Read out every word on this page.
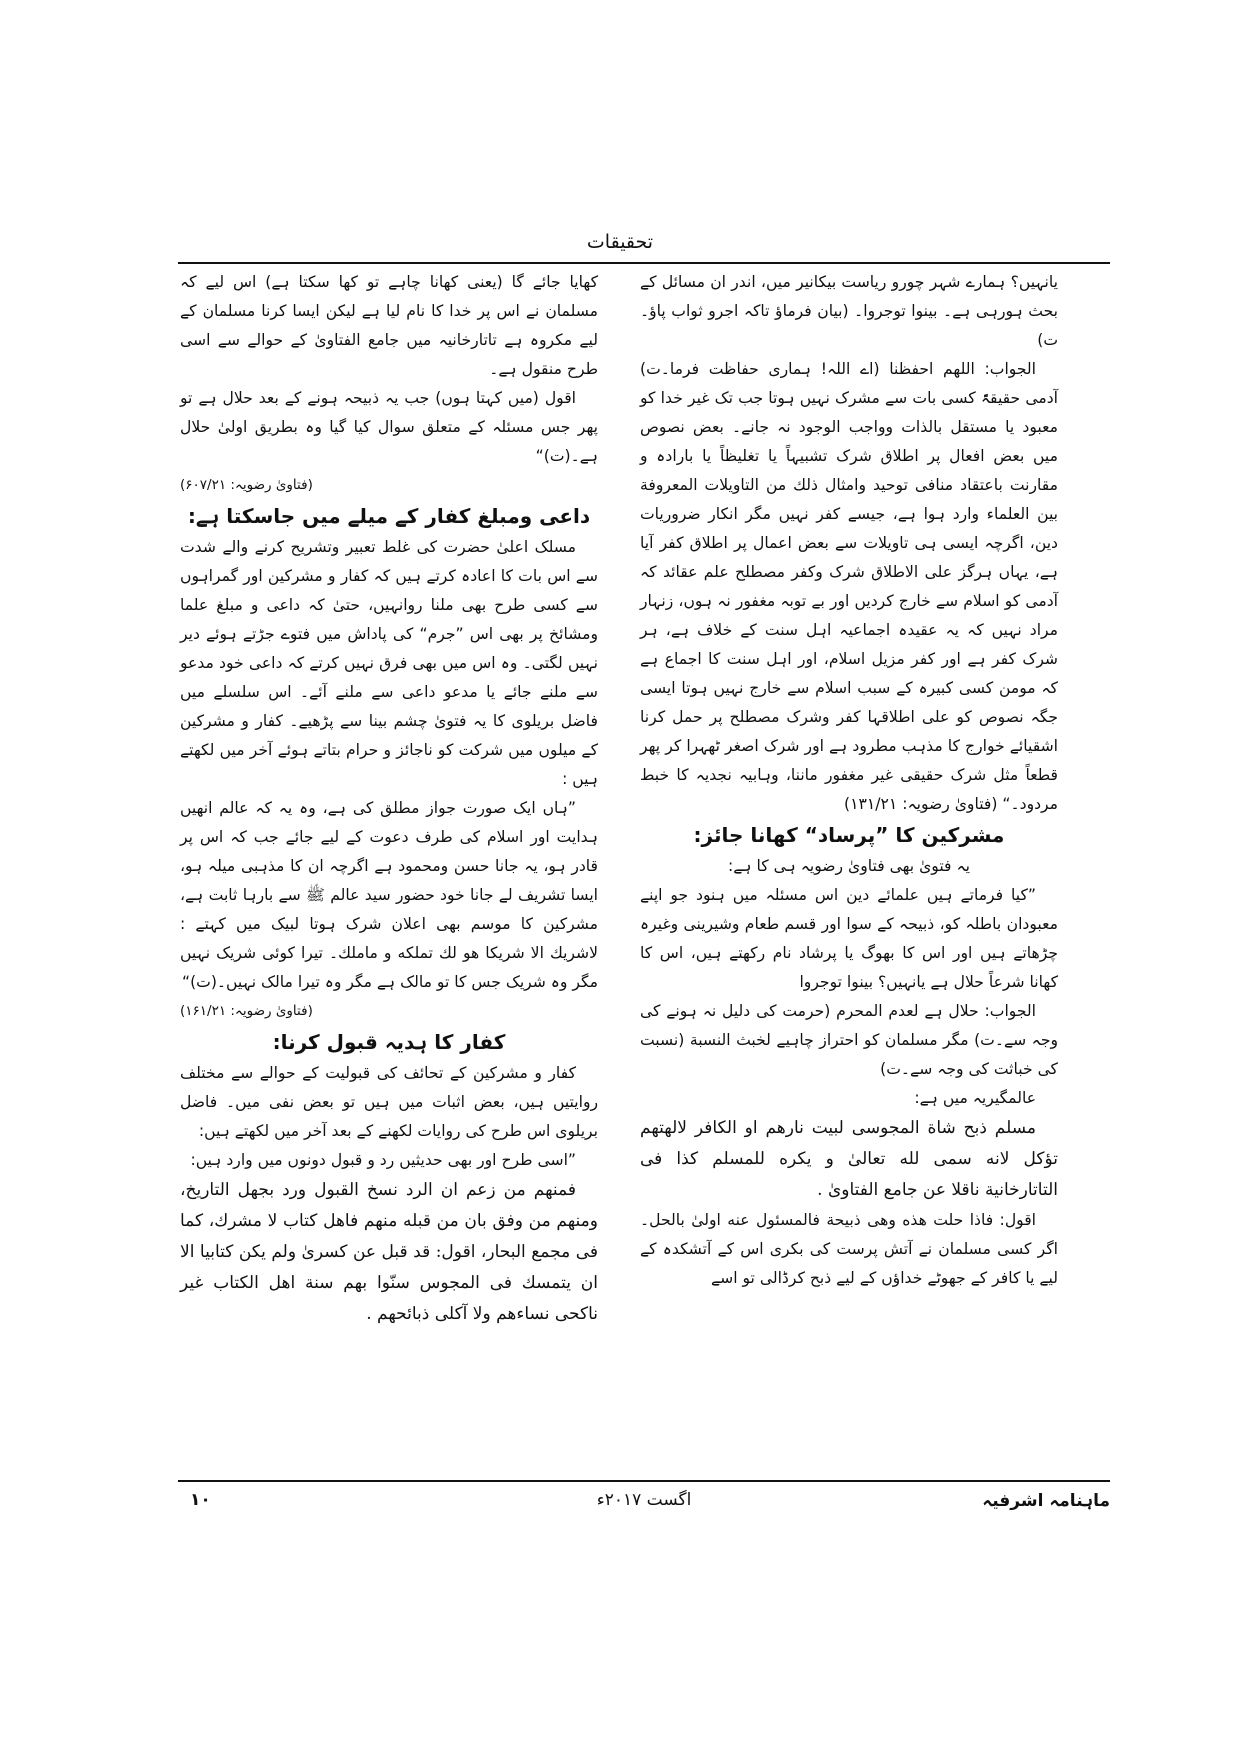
تحقیقات

یانہیں؟ ہمارے شہر چورو ریاست بیکانیر میں، اندر ان مسائل کے بحث ہورہی ہے۔ بینوا توجروا۔ (بیان فرماؤ تاکہ اجرو ثواب پاؤ۔ت)

الجواب: اللھم احفظنا (اے اللہ! ہماری حفاظت فرما۔ت) آدمی حقیقۃً کسی بات سے مشرک نہیں ہوتا جب تک غیر خدا کو معبود یا مستقل بالذات وواجب الوجود نہ جانے۔ بعض نصوص میں بعض افعال پر اطلاق شرک تشبیہاً یا تغلیظاً یا بارادہ و مقارنت باعتقاد منافی توحید وامثال ذلك من التاویلات المعروفة بین العلماء وارد ہوا ہے، جیسے کفر نہیں مگر انکار ضروریات دین، اگرچہ ایسی ہی تاویلات سے بعض اعمال پر اطلاق کفر آیا ہے، یہاں ہرگز علی الاطلاق شرک وکفر مصطلح علم عقائد کہ آدمی کو اسلام سے خارج کردیں اور بے توبہ مغفور نہ ہوں، زنہار مراد نہیں کہ یہ عقیدہ اجماعیہ اہل سنت کے خلاف ہے، ہر شرک کفر ہے اور کفر مزیل اسلام، اور اہل سنت کا اجماع ہے کہ مومن کسی کبیرہ کے سبب اسلام سے خارج نہیں ہوتا ایسی جگہ نصوص کو علی اطلاقہا کفر وشرک مصطلح پر حمل کرنا اشقیائے خوارج کا مذہب مطرود ہے اور شرک اصغر ٹھہرا کر پھر قطعاً مثل شرک حقیقی غیر مغفور ماننا، وہابیہ نجدیہ کا خبط مردود۔“ (فتاویٰ رضویہ: ۱۳۱/۲۱)

مشرکین کا ”پرساد“ کھانا جائز:

یہ فتویٰ بھی فتاویٰ رضویہ ہی کا ہے:

”کیا فرماتے ہیں علمائے دین اس مسئلہ میں ہنود جو اپنے معبودان باطلہ کو، ذبیحہ کے سوا اور قسم طعام وشیرینی وغیرہ چڑھاتے ہیں اور اس کا بھوگ یا پرشاد نام رکھتے ہیں، اس کا کھانا شرعاً حلال ہے یانہیں؟ بینوا توجروا

الجواب: حلال ہے لعدم المحرم (حرمت کی دلیل نہ ہونے کی وجہ سے۔ت) مگر مسلمان کو احتراز چاہیے لخبث النسبة (نسبت کی خباثت کی وجہ سے۔ت)

عالمگیریہ میں ہے:

مسلم ذبح شاة المجوسی لبیت نارهم او الكافر لالهتهم تؤكل لانه سمى لله تعالىٰ و یكره للمسلم كذا فی التاتارخانیة ناقلا عن جامع الفتاویٰ .

اقول: فاذا حلت هذه وهی ذبیحة فالمسئول عنه اولىٰ بالحل۔ اگر کسی مسلمان نے آتش پرست کی بکری اس کے آتشکدہ کے لیے یا کافر کے جھوٹے خداؤں کے لیے ذبح کرڈالی تو اسے

کھایا جائے گا (یعنی کھانا چاہے تو کھا سکتا ہے) اس لیے کہ مسلمان نے اس پر خدا کا نام لیا ہے لیکن ایسا کرنا مسلمان کے لیے مکروہ ہے تاتارخانیہ میں جامع الفتاویٰ کے حوالے سے اسی طرح منقول ہے۔

اقول (میں کہتا ہوں) جب یہ ذبیحہ ہونے کے بعد حلال ہے تو پھر جس مسئلہ کے متعلق سوال کیا گیا وہ بطریق اولیٰ حلال ہے۔(ت)“

(فتاویٰ رضویہ: ۶۰۷/۲۱)

داعی ومبلغ کفار کے میلے میں جاسکتا ہے:

مسلک اعلیٰ حضرت کی غلط تعبیر وتشریح کرنے والے شدت سے اس بات کا اعادہ کرتے ہیں کہ کفار و مشرکین اور گمراہوں سے کسی طرح بھی ملنا روانہیں، حتیٰ کہ داعی و مبلغ علما ومشائخ پر بھی اس ”جرم“ کی پاداش میں فتوے جڑتے ہوئے دیر نہیں لگتی۔ وہ اس میں بھی فرق نہیں کرتے کہ داعی خود مدعو سے ملنے جائے یا مدعو داعی سے ملنے آئے۔ اس سلسلے میں فاضل بریلوی کا یہ فتویٰ چشم بینا سے پڑھیے۔ کفار و مشرکین کے میلوں میں شرکت کو ناجائز و حرام بتاتے ہوئے آخر میں لکھتے ہیں :

”ہاں ایک صورت جواز مطلق کی ہے، وہ یہ کہ عالم انھیں ہدایت اور اسلام کی طرف دعوت کے لیے جائے جب کہ اس پر قادر ہو، یہ جانا حسن ومحمود ہے اگرچہ ان کا مذہبی میلہ ہو، ایسا تشریف لے جانا خود حضور سید عالم ﷺ سے بارہا ثابت ہے، مشرکین کا موسم بھی اعلان شرک ہوتا لبیک میں کہتے : لاشریك الا شریكا هو لك تملكه و ماملك۔ تیرا کوئی شریک نہیں مگر وہ شریک جس کا تو مالک ہے مگر وہ تیرا مالک نہیں۔(ت)“

(فتاویٰ رضویہ: ۱۶۱/۲۱)

کفار کا ہدیہ قبول کرنا:

کفار و مشرکین کے تحائف کی قبولیت کے حوالے سے مختلف روایتیں ہیں، بعض اثبات میں ہیں تو بعض نفی میں۔ فاضل بریلوی اس طرح کی روایات لکھنے کے بعد آخر میں لکھتے ہیں:

”اسی طرح اور بھی حدیثیں رد و قبول دونوں میں وارد ہیں:

فمنهم من زعم ان الرد نسخ القبول ورد بجهل التاریخ، ومنهم من وفق بان من قبله منهم فاهل كتاب لا مشرك، كما فی مجمع البحار، اقول: قد قبل عن كسرىٰ ولم یكن كتابیا الا ان یتمسك فی المجوس سنّوا بهم سنة اهل الكتاب غیر ناكحی نساءهم ولا آكلی ذبائحهم .

ماہنامہ اشرفیہ
اگست ۲۰۱۷ء
۱۰
